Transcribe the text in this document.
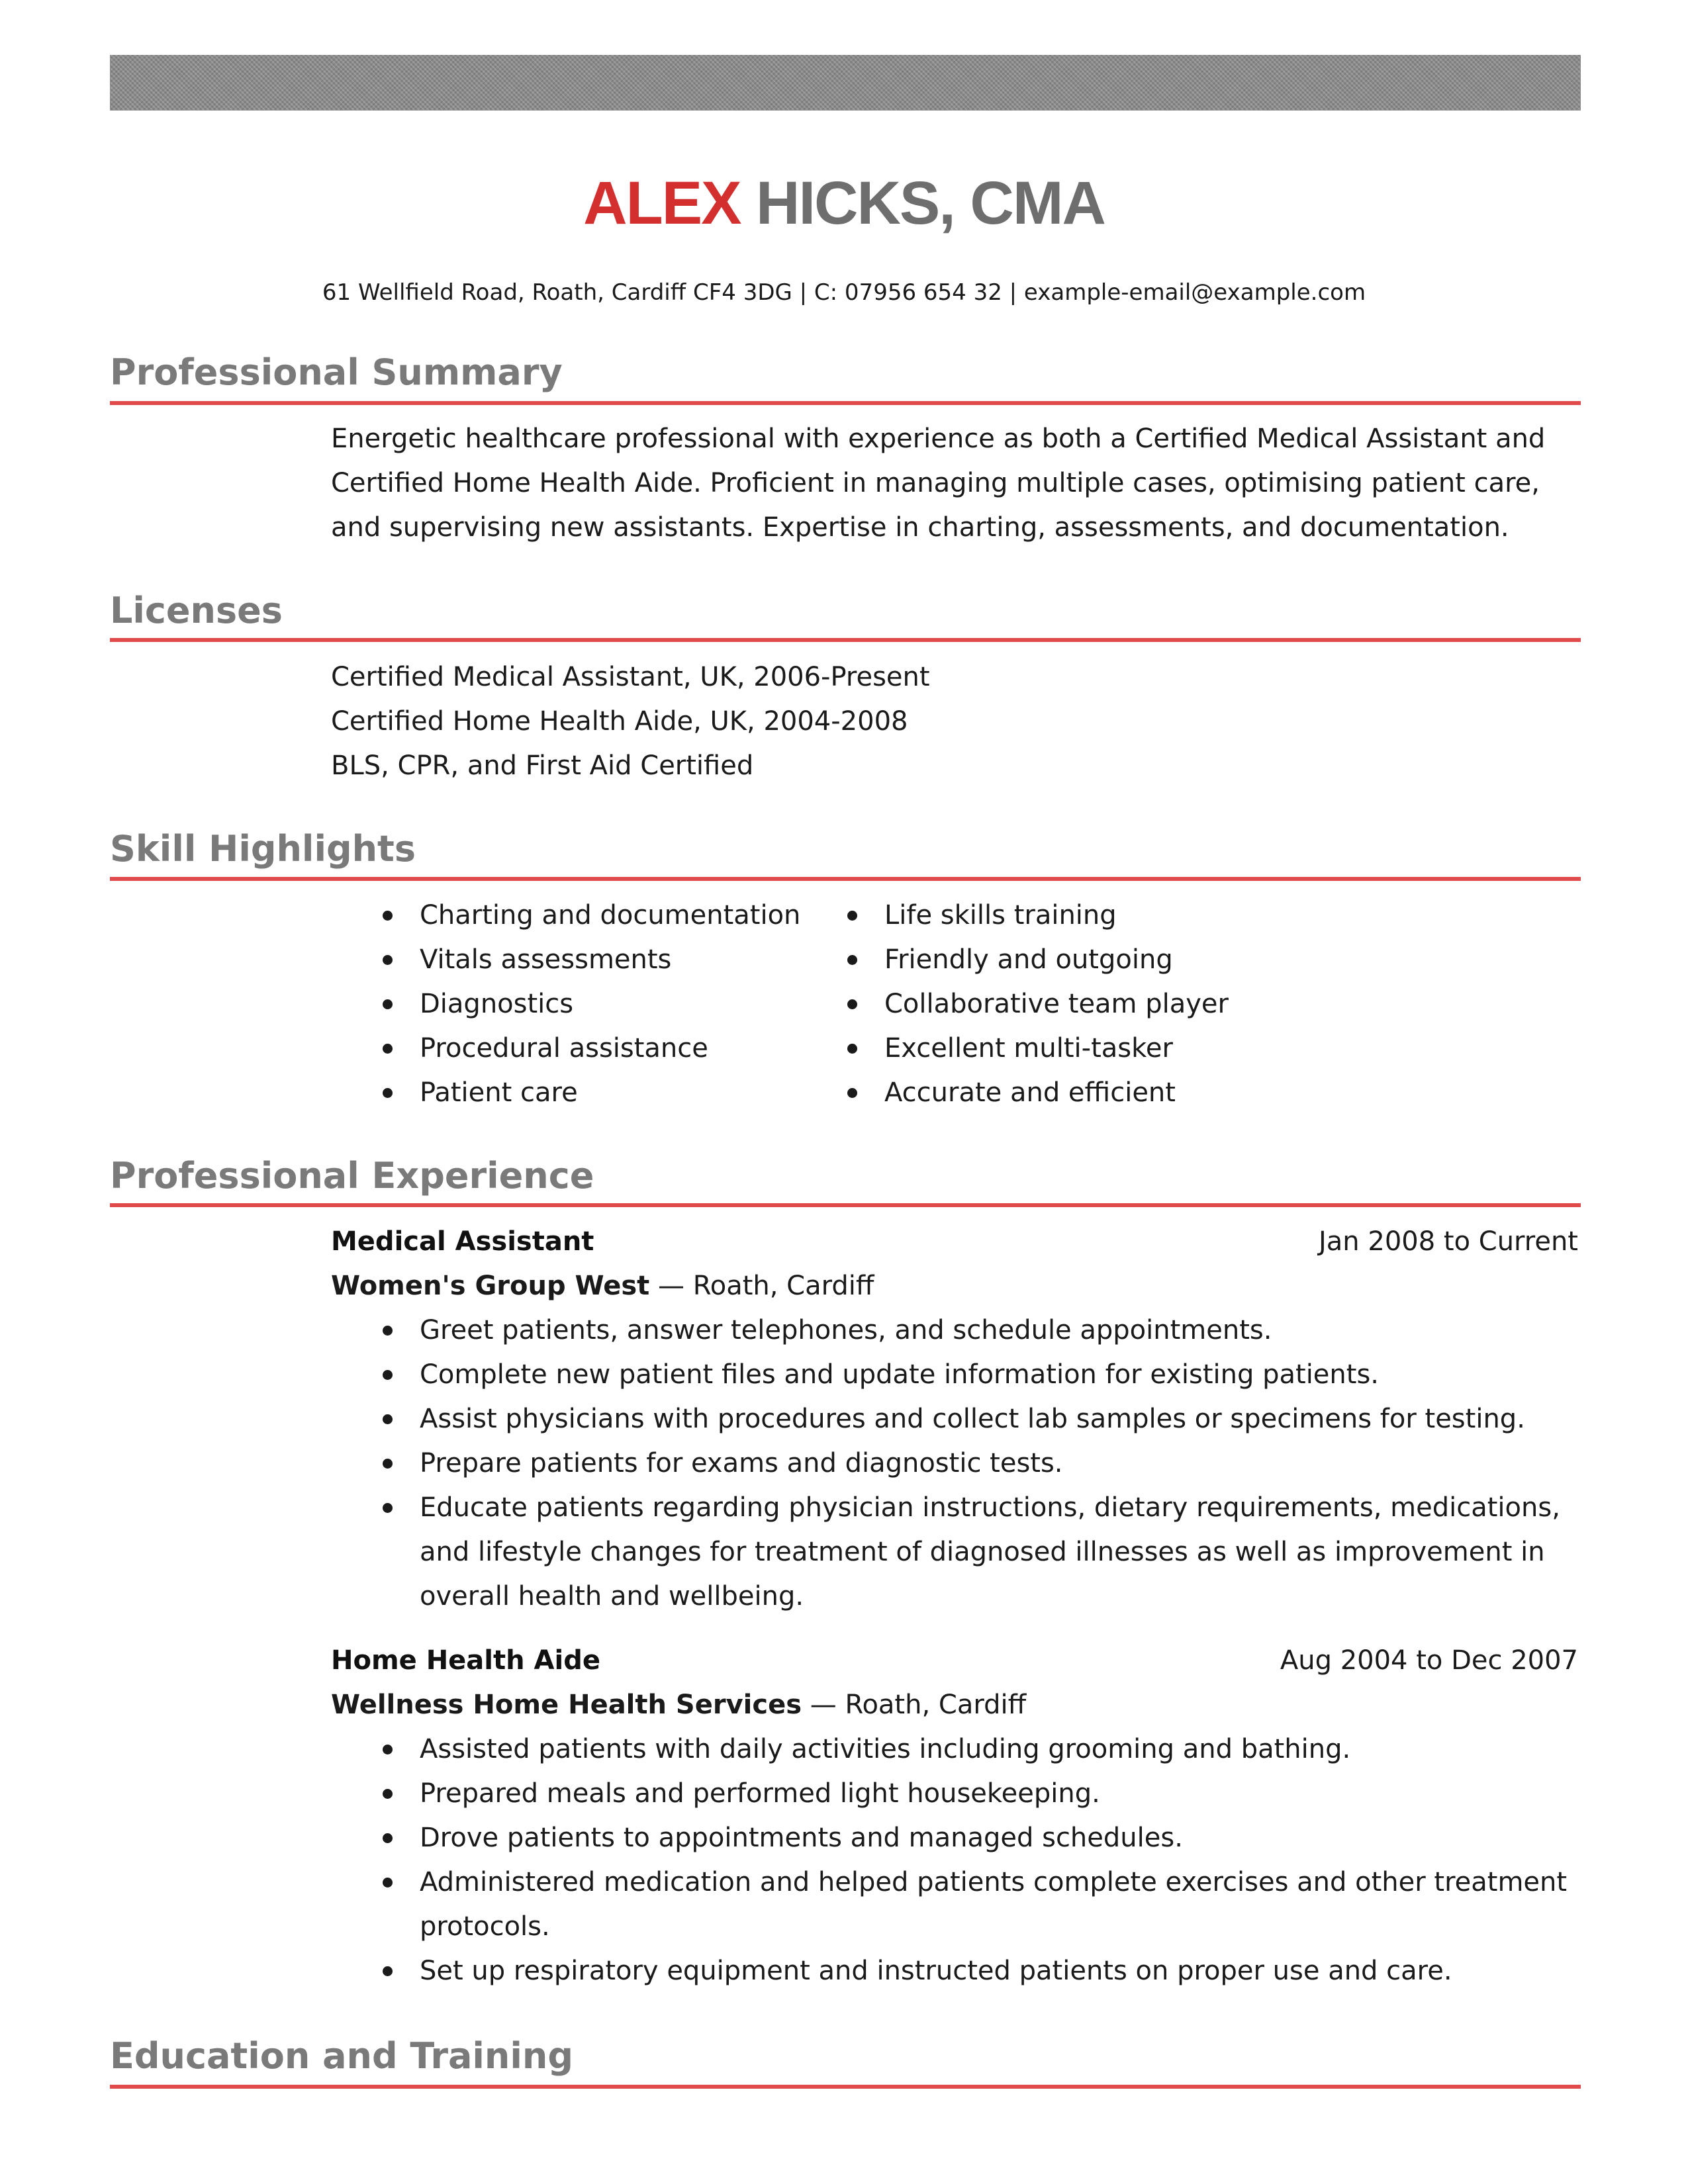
ALEX HICKS, CMA
61 Wellfield Road, Roath, Cardiff CF4 3DG | C: 07956 654 32 | example-email@example.com
Professional Summary
Energetic healthcare professional with experience as both a Certified Medical Assistant and
Certified Home Health Aide. Proficient in managing multiple cases, optimising patient care,
and supervising new assistants. Expertise in charting, assessments, and documentation.
Licenses
Certified Medical Assistant, UK, 2006-Present
Certified Home Health Aide, UK, 2004-2008
BLS, CPR, and First Aid Certified
Skill Highlights
Charting and documentation
Vitals assessments
Diagnostics
Procedural assistance
Patient care
Life skills training
Friendly and outgoing
Collaborative team player
Excellent multi-tasker
Accurate and efficient
Professional Experience
Medical Assistant	Jan 2008 to Current
Women's Group West — Roath, Cardiff
Greet patients, answer telephones, and schedule appointments.
Complete new patient files and update information for existing patients.
Assist physicians with procedures and collect lab samples or specimens for testing.
Prepare patients for exams and diagnostic tests.
Educate patients regarding physician instructions, dietary requirements, medications,
and lifestyle changes for treatment of diagnosed illnesses as well as improvement in
overall health and wellbeing.
Home Health Aide	Aug 2004 to Dec 2007
Wellness Home Health Services — Roath, Cardiff
Assisted patients with daily activities including grooming and bathing.
Prepared meals and performed light housekeeping.
Drove patients to appointments and managed schedules.
Administered medication and helped patients complete exercises and other treatment
protocols.
Set up respiratory equipment and instructed patients on proper use and care.
Education and Training
